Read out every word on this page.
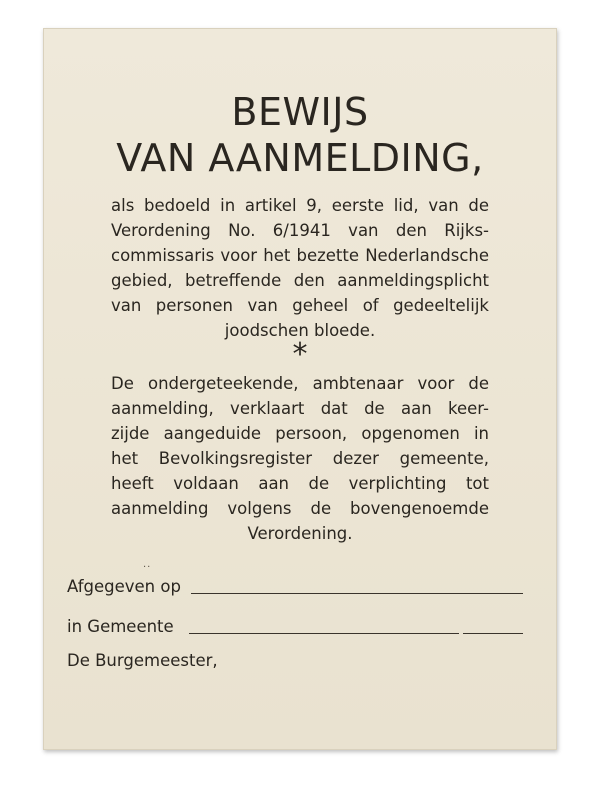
BEWIJS
VAN AANMELDING,
als bedoeld in artikel 9, eerste lid, van de
Verordening No. 6/1941 van den Rijks-
commissaris voor het bezette Nederlandsche
gebied, betreffende den aanmeldingsplicht
van personen van geheel of gedeeltelijk
joodschen bloede.
*
De ondergeteekende, ambtenaar voor de
aanmelding, verklaart dat de aan keer-
zijde aangeduide persoon, opgenomen in
het Bevolkingsregister dezer gemeente,
heeft voldaan aan de verplichting tot
aanmelding volgens de bovengenoemde
Verordening.
··
Afgegeven op
in Gemeente
De Burgemeester,
